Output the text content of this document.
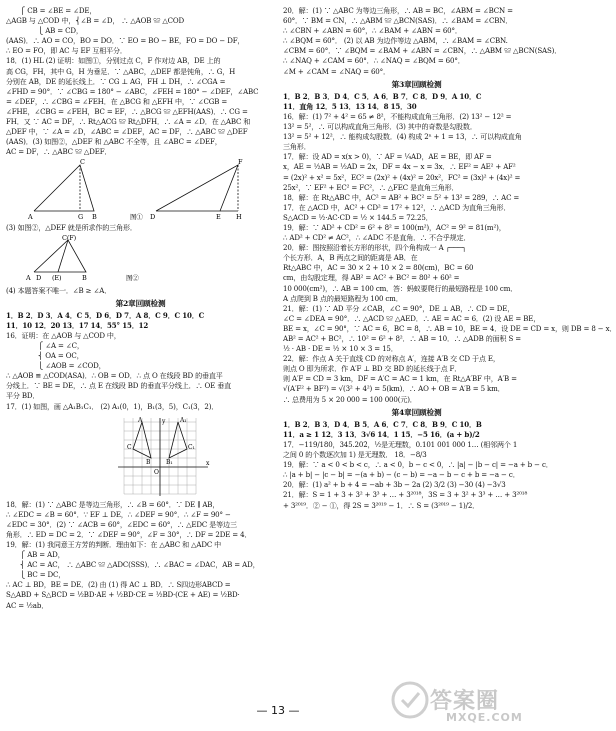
⎧ CB = ∠BE = ∠DE，
△AGB 与 △COD 中，⎨∠B = ∠D， ∴ △AOB ≌ △COD
⎩ AB = CD，
(AAS)．∴ AO = CO，BO = DO．∵ EO = BO − BE，FO = DO − DF，
∴ EO = FO，即 AC 与 EF 互相平分．
18．(1) HL (2) 证明：如图①，分别过点 C，F 作对边 AB，DE 上的
高 CG，FH，其中 G，H 为垂足．∵ △ABC，△DEF 都是钝角，∴ G，H
分别在 AB，DE 的延长线上．∵ CG ⊥ AG，FH ⊥ DH，∴ ∠CGA =
∠FHD = 90°．∵ ∠CBG = 180° − ∠ABC，∠FEH = 180° − ∠DEF，∠ABC
= ∠DEF，∴ ∠CBG = ∠FEH．在 △BCG 和 △EFH 中，∵ ∠CGB =
∠FHE，∠CBG = ∠FEH，BC = EF，∴ △BCG ≌ △EFH(AAS)．∴ CG =
FH．又 ∵ AC = DF，∴ Rt△ACG ≌ Rt△DFH．∴ ∠A = ∠D．在 △ABC 和
△DEF 中，∵ ∠A = ∠D，∠ABC = ∠DEF，AC = DF，∴ △ABC ≌ △DEF
(AAS)．(3) 如图②，△DEF 和 △ABC 不全等，且 ∠ABC = ∠DEF，
AC = DF，∴ △ABC ≌ △DEF．
C	F
A	B
G	D	E H
图①
(3) 如图②，△DEF 就是所求作的三角形．
C(F)
A	B
(E)
D	图②
(4) 本题答案不唯一．∠B ≥ ∠A．
第2章回顾检测
1．B 2．D 3．A 4．C 5．D 6．D 7．A 8．C 9．C 10．C
11．10 12．20 13．17 14．55° 15．12
16．证明：在 △AOB 与 △COD 中，
⎧ ∠A = ∠C，
⎨ OA = OC，
⎩ ∠AOB = ∠COD，
∴ △AOB ≌ △COD(ASA)．∴ OB = OD．∴ 点 O 在线段 BD 的垂直平
分线上．∵ BE = DE，∴ 点 E 在线段 BD 的垂直平分线上．∴ OE 垂直
平分 BD．
17．(1) 如图，画 △A₁B₁C₁． (2) A₁(0，1)，B₁(3，5)，C₁(3，2)．
y
x
O
A
B
C
A₁
B₁
C₁
18．解：(1) ∵ △ABC 是等边三角形，∴ ∠B = 60°．∵ DE ∥ AB，
∴ ∠EDC = ∠B = 60°．∵ EF ⊥ DE，∴ ∠DEF = 90°．∴ ∠F = 90° −
∠EDC = 30°．(2) ∵ ∠ACB = 60°，∠EDC = 60°，∴ △EDC 是等边三
角形．∴ ED = DC = 2．∵ ∠DEF = 90°，∠F = 30°，∴ DF = 2DE = 4．
19．解：(1) 我同意王方芳的判断．理由如下：在 △ABC 和 △ADC 中
⎧ AB = AD，
⎨ AC = AC， ∴ △ABC ≌ △ADC(SSS)．∴ ∠BAC = ∠DAC，AB = AD，
⎩ BC = DC，
∴ AC ⊥ BD，BE = DE．(2) 由 (1) 得 AC ⊥ BD．∴ S四边形ABCD =
S△ABD + S△BCD = ½BD·AE + ½BD·CE = ½BD·(CE + AE) = ½BD·
AC = ½ab．
20．解：(1) ∵ △ABC 为等边三角形，∴ AB = BC，∠ABM = ∠BCN =
60°．∵ BM = CN，∴ △ABM ≌ △BCN(SAS)．∴ ∠BAM = ∠CBN．
∴ ∠CBN + ∠ABN = 60°，∴ ∠BAM + ∠ABN = 60°．
∴ ∠BQM = 60°． (2) 以 AB 为边作等边 △ABM，∴ ∠BAM = ∠CBN.
∠CBM = 60°．∵ ∠BQM = ∠BAM + ∠ABN = ∠CBN，∴ △ABM ≌ △BCN(SAS)．
∴ ∠NAQ + ∠CAM = 60°．∴ ∠NAQ = ∠BQM = 60°．
∠M + ∠CAM = ∠NAQ = 60°．
第3章回顾检测
1．B 2．B 3．D 4．C 5．A 6．B 7．C 8．D 9．A 10．C
11．直角 12．5 13．13 14．8 15．30
16．解：(1) 7² + 4² = 65 ≠ 8²，不能构成直角三角形．(2) 13² − 12² =
13² = 5²，∴ 可以构成直角三角形．(3) 其中的奇数是勾股数．
13² = 5² + 12²，∴ 能构成勾股数．(4) 构成 2ⁿ + 1 = 13，∴ 可以构成直角
三角形．
17．解：设 AD = x(x > 0)，∵ AF = ¼AD，AE = BE，即 AF =
x，AE = ½AB = ½AD = 2x，DF = 4x − x = 3x．∴ EF² = AE² + AF²
= (2x)² + x² = 5x²，EC² = (2x)² + (4x)² = 20x²，FC² = (3x)² + (4x)² =
25x²，∵ EF² + EC² = FC²，∴ △FEC 是直角三角形．
18．解：在 Rt△ABC 中，AC² = AB² + BC² = 5² + 13² = 289，∴ AC =
17．在 △ACD 中，AC² + CD² = 17² + 12²，∴ △ACD 为直角三角形．
S△ACD = ½·AC·CD = ½ × 144.5 = 72.25．
19．解：∵ AD² + CD² = 6² + 8² = 100(m²)，AC² = 9² = 81(m²)，
∴ AD² + CD² ≠ AC²，∴ ∠ADC 不是直角．∴ 不合乎规定．
20．解：图按照沿着长方形的形状，四个角构成一 A ┌───┐
个长方形．A，B 两点之间的距离是 AB．在
Rt△ABC 中，AC = 30 × 2 + 10 × 2 = 80(cm)，BC = 60
cm，由勾股定理，得 AB² = AC² + BC² = 80² + 60² =
10 000(cm²)，∴ AB = 100 cm．答：蚂蚁要爬行的最短路程是 100 cm．
A 点爬到 B 点的最短路程为 100 cm．
21．解：(1) ∵ AD 平分 ∠CAB，∠C = 90°，DE ⊥ AB，∴ CD = DE，
∠C = ∠DEA = 90°．∴ △ACD ≌ △AED．∴ AE = AC = 6．(2) 设 AE = BE，
BE = x，∠C = 90°，∵ AC = 6，BC = 8，∴ AB = 10，BE = 4．设 DE = CD = x，则 DB = 8 − x．
AB² = AC² + BC²，∴ 10² = 6² + 8²．∴ AB = 10．∴ △ADB 的面积 S =
½ · AB · DE = ½ × 10 × 3 = 15．
22．解：作点 A 关于直线 CD 的对称点 A′，连接 A′B 交 CD 于点 E，
则点 O 即为所求．作 A′F ⊥ BD 交 BD 的延长线于点 F．
则 A′F = CD = 3 km，DF = A′C = AC = 1 km，在 Rt△A′BF 中，A′B =
√(A′F² + BF²) = √(3² + 4²) = 5(km)．∴ AO + OB = A′B = 5 km．
∴ 总费用为 5 × 20 000 = 100 000(元)．
第4章回顾检测
1．B 2．B 3．D 4．B 5．A 6．C 7．C 8．B 9．C 10．B
11．a ≥ 1 12．3 13．3√6 14．1 15．−5 16．(a + b)/2
17．−119/180，345.202̇，½是无理数，0.101 001 000 1… (相邻两个 1
之间 0 的个数逐次加 1) 是无理数． 18．−8/3
19．解：∵ a < 0 < b < c，∴ a < 0，b − c < 0，∴ |a| − |b − c| = −a + b − c．
∴ |a + b| − |c − b| = −(a + b) − (c − b) = −a − b − c + b = −a − c．
20．解：(1) a² + b + 4 = −ab + 3b − 2a (2) 3/2 (3) −30 (4) −3√3
21．解：S = 1 + 3 + 3² + 3³ + … + 3²⁰¹⁸，3S = 3 + 3² + 3³ + … + 3²⁰¹⁸
+ 3²⁰¹⁹．② − ①，得 2S = 3²⁰¹⁹ − 1．∴ S = (3²⁰¹⁹ − 1)/2．
— 13 —	答案圈
MXQE.COM
